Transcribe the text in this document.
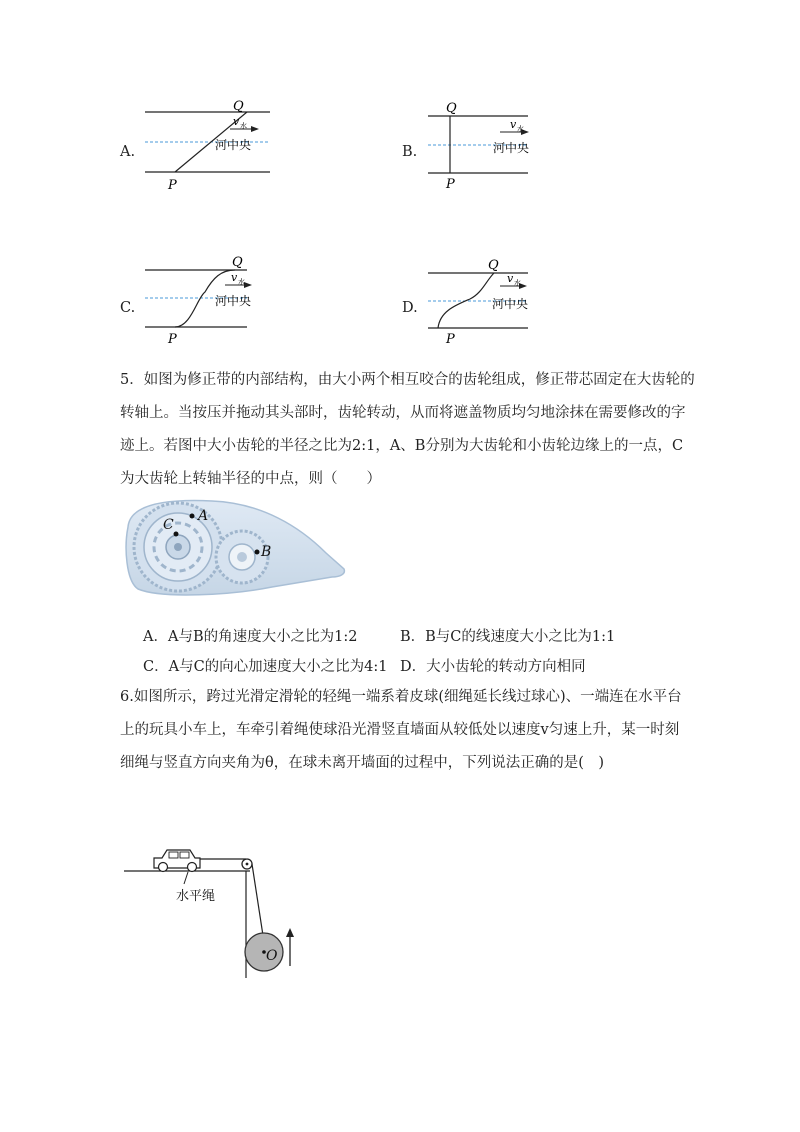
A.
Q
P
v 水
河中央	B.
Q
P
v 水
河中央
C.
Q
P
v 水
河中央	D.
Q
P
v 水
河中央
5．如图为修正带的内部结构，由大小两个相互咬合的齿轮组成，修正带芯固定在大齿轮的
转轴上。当按压并拖动其头部时，齿轮转动，从而将遮盖物质均匀地涂抹在需要修改的字
迹上。若图中大小齿轮的半径之比为2:1，A、B分别为大齿轮和小齿轮边缘上的一点，C
为大齿轮上转轴半径的中点，则（　　）
A
B
C
A．A与B的角速度大小之比为1:2	B．B与C的线速度大小之比为1:1
C．A与C的向心加速度大小之比为4:1 D．大小齿轮的转动方向相同
6.如图所示，跨过光滑定滑轮的轻绳一端系着皮球(细绳延长线过球心)、一端连在水平台
上的玩具小车上，车牵引着绳使球沿光滑竖直墙面从较低处以速度v匀速上升，某一时刻
细绳与竖直方向夹角为θ，在球未离开墙面的过程中，下列说法正确的是(　)
O
水平绳
